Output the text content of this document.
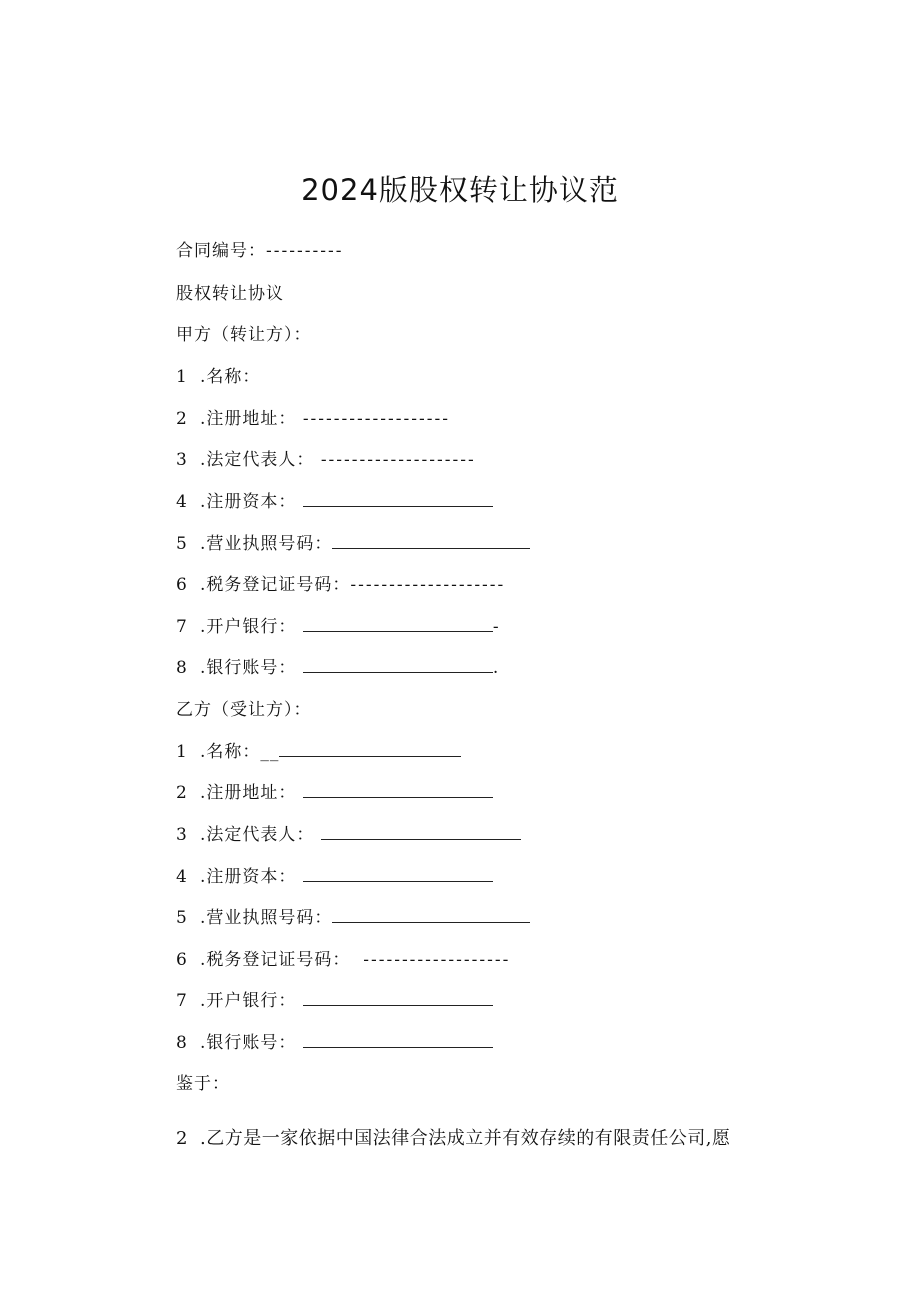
2024版股权转让协议范
合同编号：----------
股权转让协议
甲方（转让方）：
1 .名称：
2 .注册地址： -------------------
3 .法定代表人： --------------------
4 .注册资本：
5 .营业执照号码：
6 .税务登记证号码：--------------------
7 .开户银行：	-
8 .银行账号：	.
乙方（受让方）：
1 .名称：__
2 .注册地址：
3 .法定代表人：
4 .注册资本：
5 .营业执照号码：
6 .税务登记证号码： -------------------
7 .开户银行：
8 .银行账号：
鉴于：
2 .乙方是一家依据中国法律合法成立并有效存续的有限责任公司,愿
